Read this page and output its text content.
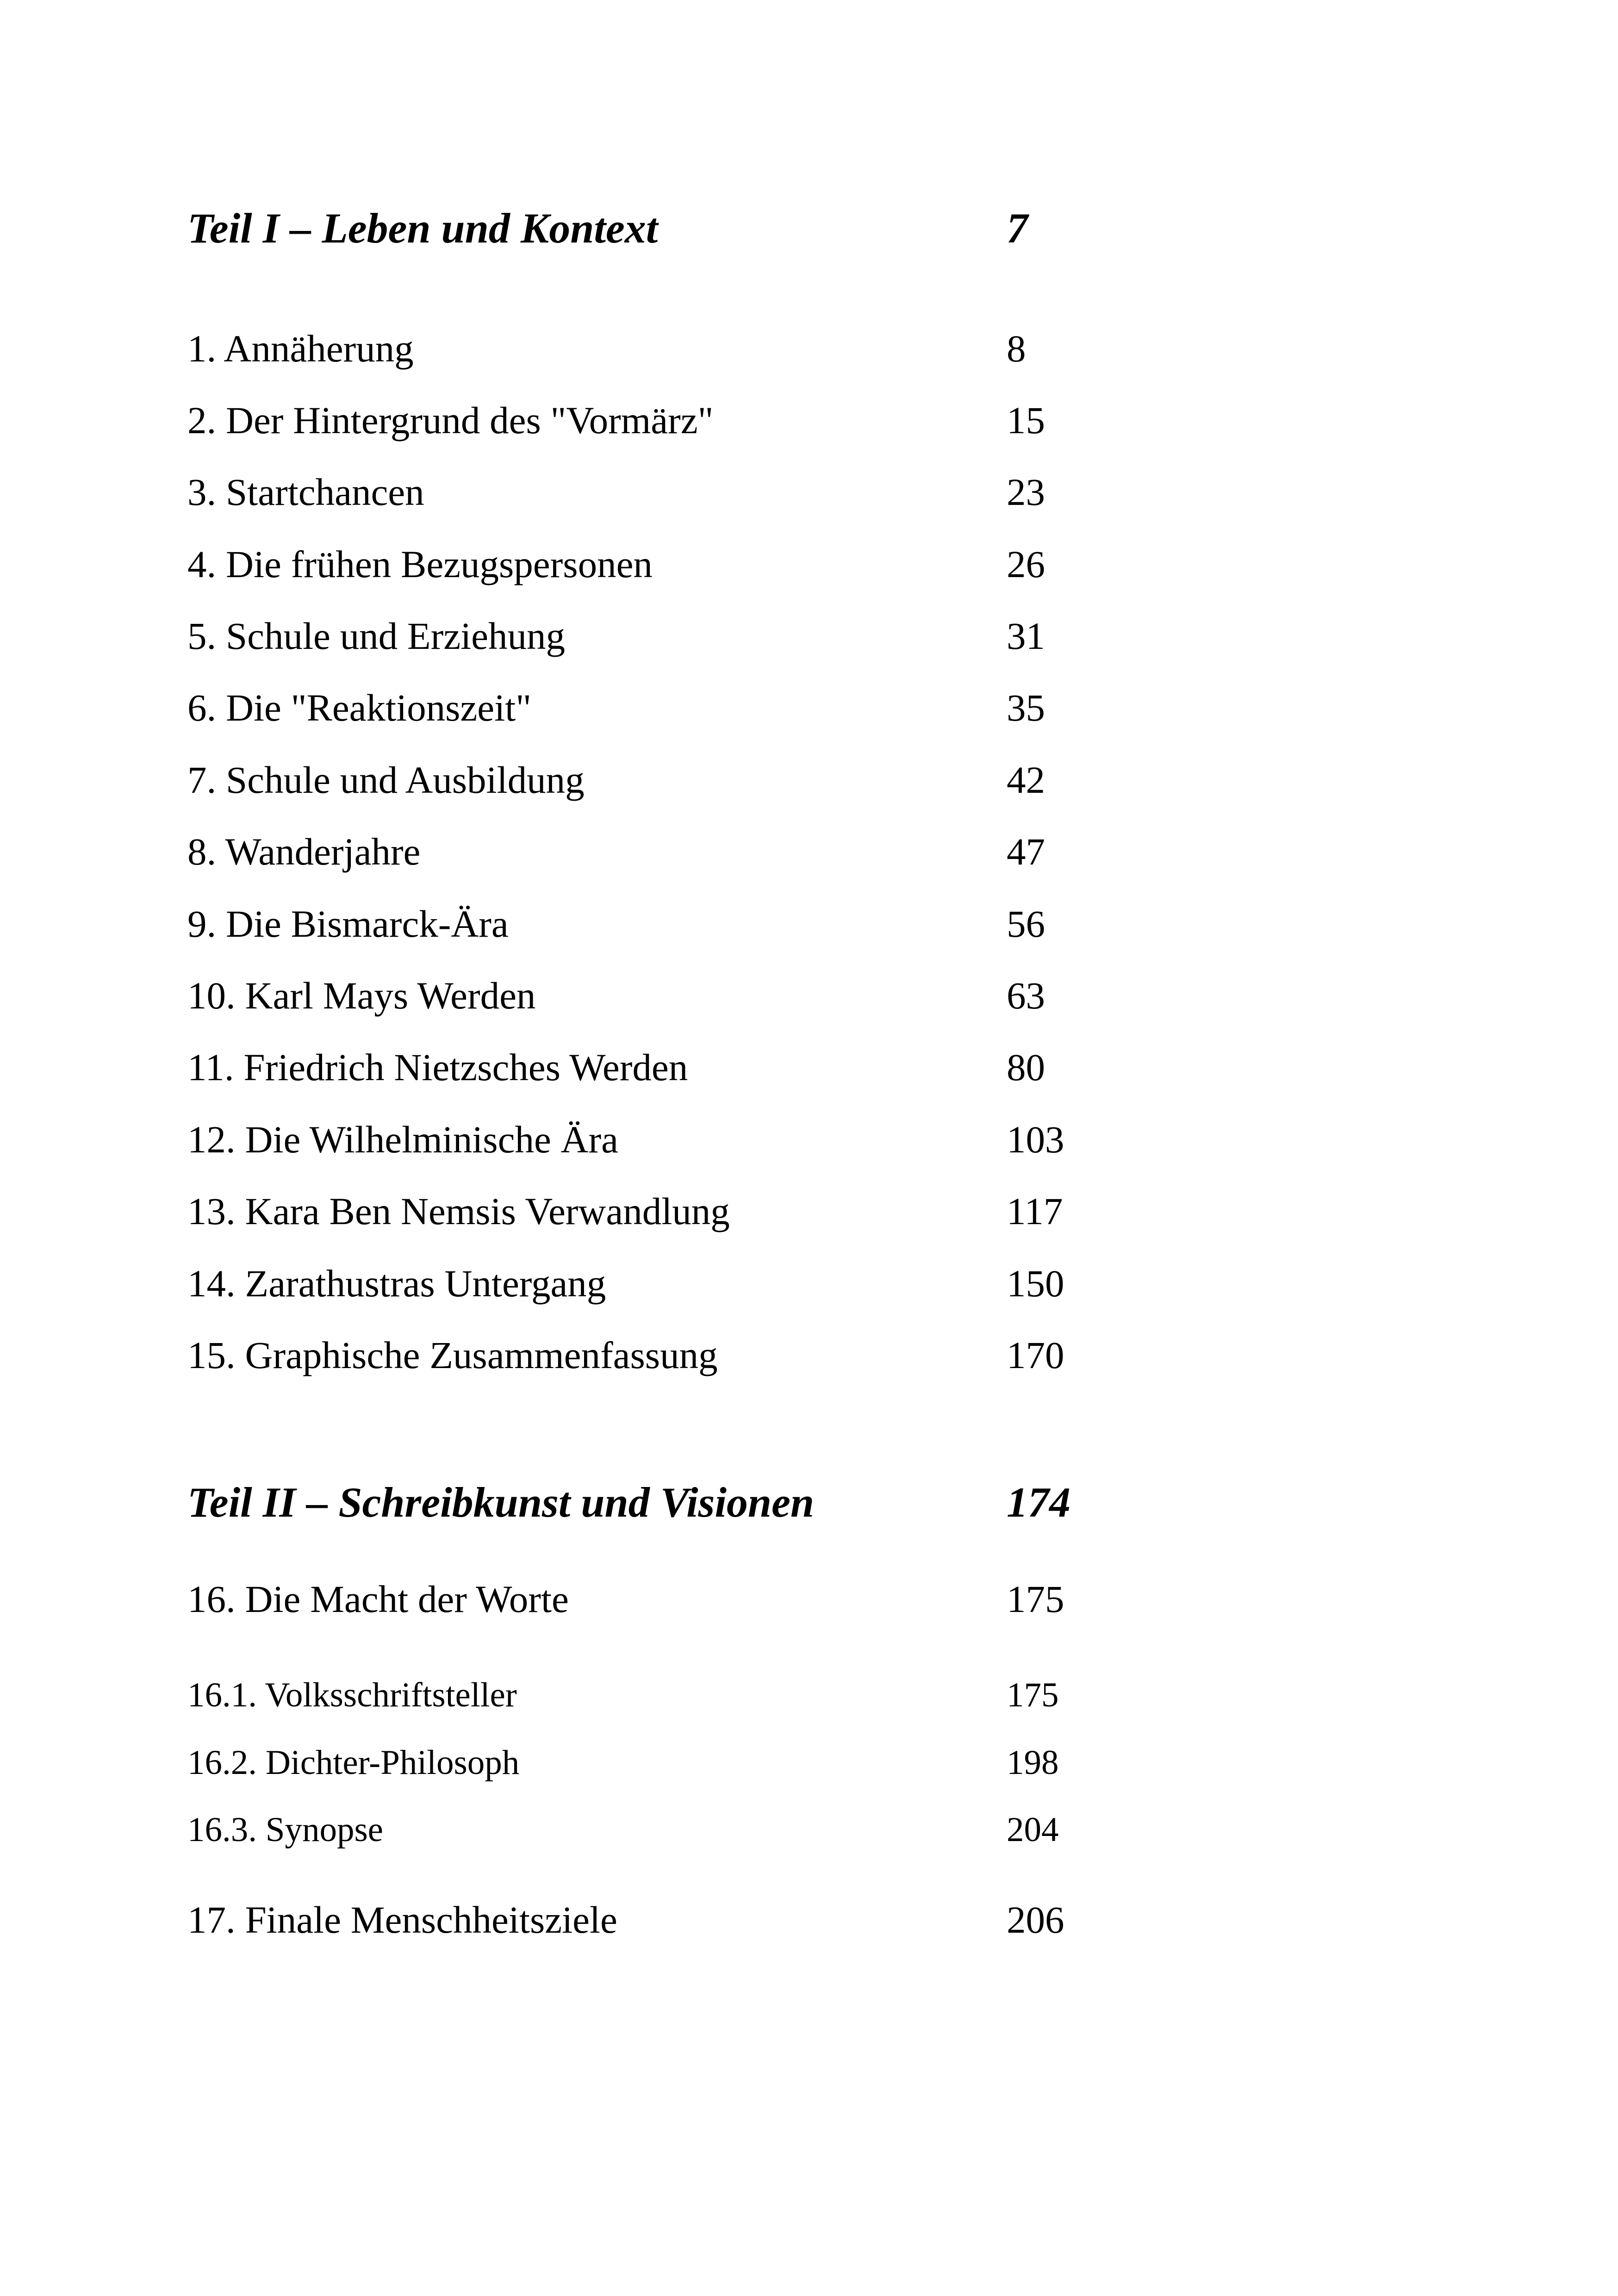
Teil I – Leben und Kontext	7
1. Annäherung	8
2. Der Hintergrund des "Vormärz"	15
3. Startchancen	23
4. Die frühen Bezugspersonen	26
5. Schule und Erziehung	31
6. Die "Reaktionszeit"	35
7. Schule und Ausbildung	42
8. Wanderjahre	47
9. Die Bismarck-Ära	56
10. Karl Mays Werden	63
11. Friedrich Nietzsches Werden	80
12. Die Wilhelminische Ära	103
13. Kara Ben Nemsis Verwandlung	117
14. Zarathustras Untergang	150
15. Graphische Zusammenfassung	170
Teil II – Schreibkunst und Visionen	174
16. Die Macht der Worte	175
16.1. Volksschriftsteller	175
16.2. Dichter-Philosoph	198
16.3. Synopse	204
17. Finale Menschheitsziele	206
